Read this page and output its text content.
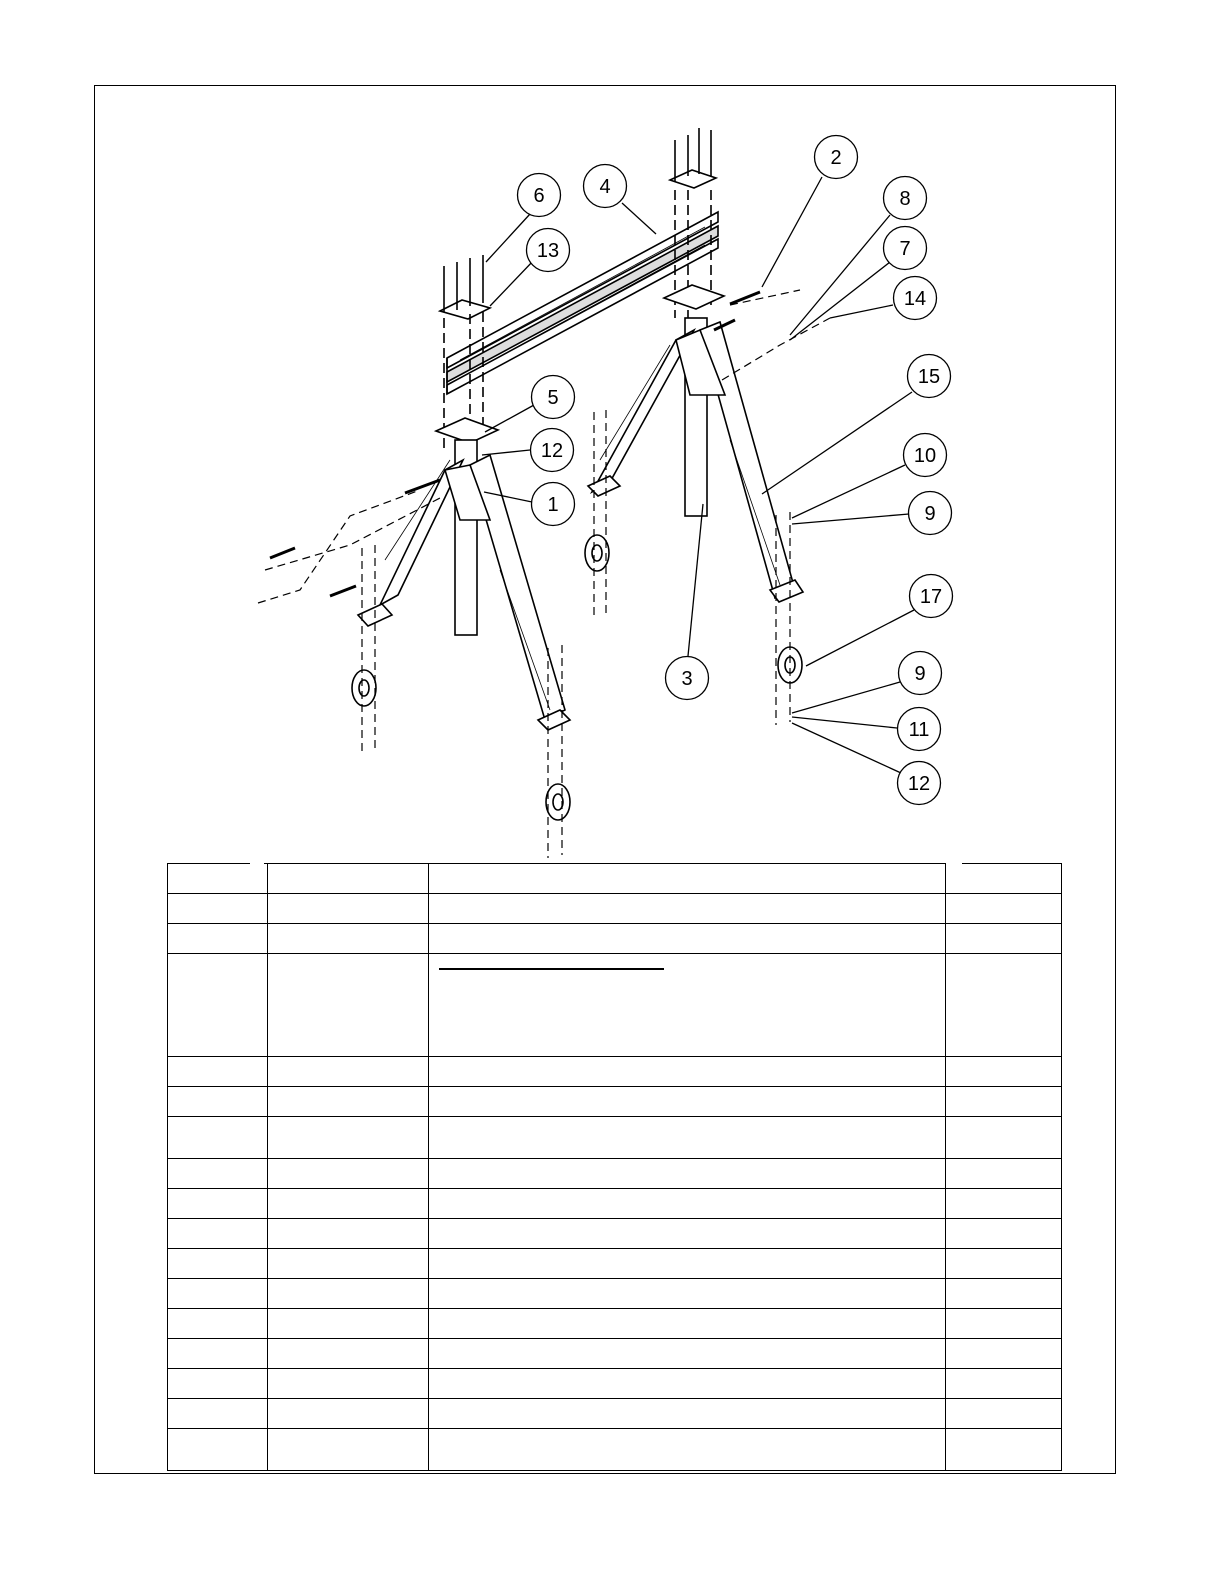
6
13
4
2
8
7
14
15
5
12
1
10
9
17
3	9
11
12
